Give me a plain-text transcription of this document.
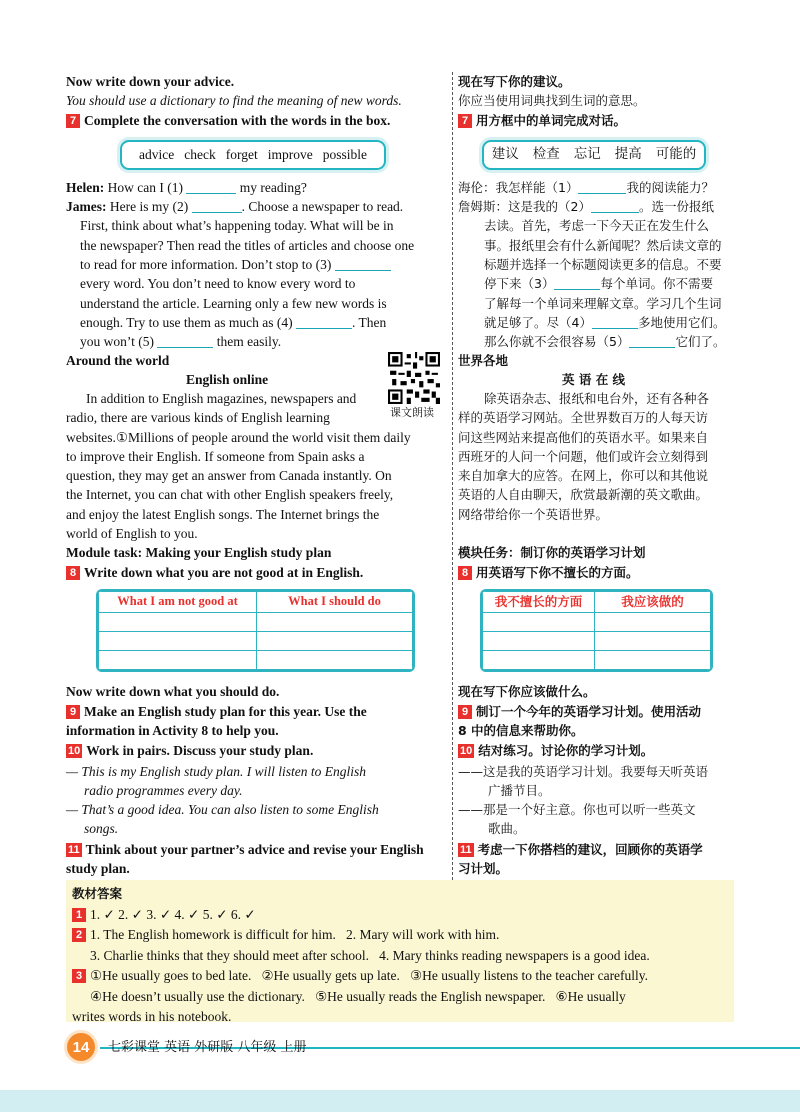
Now write down your advice.
You should use a dictionary to find the meaning of new words.
7 Complete the conversation with the words in the box.
advice check forget improve possible
Helen: How can I (1)	my reading?
James: Here is my (2)	. Choose a newspaper to read.
First, think about what’s happening today. What will be in
the newspaper? Then read the titles of articles and choose one
to read for more information. Don’t stop to (3)
every word. You don’t need to know every word to
understand the article. Learning only a few new words is
enough. Try to use them as much as (4)	. Then
you won’t (5)	them easily.
Around the world
English online
In addition to English magazines, newspapers and
radio, there are various kinds of English learning
websites.①Millions of people around the world visit them daily
to improve their English. If someone from Spain asks a
question, they may get an answer from Canada instantly. On
the Internet, you can chat with other English speakers freely,
and enjoy the latest English songs. The Internet brings the
world of English to you.
Module task: Making your English study plan
8 Write down what you are not good at in English.
What I am not good at	What I should do

Now write down what you should do.
9 Make an English study plan for this year. Use the
information in Activity 8 to help you.
10 Work in pairs. Discuss your study plan.
— This is my English study plan. I will listen to English
radio programmes every day.
— That’s a good idea. You can also listen to some English
songs.
11 Think about your partner’s advice and revise your English
study plan.
课文朗读
现在写下你的建议。
你应当使用词典找到生词的意思。
7 用方框中的单词完成对话。
建议 检查 忘记 提高 可能的
海伦：我怎样能（1）	我的阅读能力？
詹姆斯：这是我的（2）	。选一份报纸
去读。首先，考虑一下今天正在发生什么
事。报纸里会有什么新闻呢？然后读文章的
标题并选择一个标题阅读更多的信息。不要
停下来（3）	每个单词。你不需要
了解每一个单词来理解文章。学习几个生词
就足够了。尽（4）	多地使用它们。
那么你就不会很容易（5）	它们了。
世界各地
英 语 在 线
除英语杂志、报纸和电台外，还有各种各
样的英语学习网站。全世界数百万的人每天访
问这些网站来提高他们的英语水平。如果来自
西班牙的人问一个问题，他们或许会立刻得到
来自加拿大的应答。在网上，你可以和其他说
英语的人自由聊天，欣赏最新潮的英文歌曲。
网络带给你一个英语世界。
模块任务：制订你的英语学习计划
8 用英语写下你不擅长的方面。
我不擅长的方面	我应该做的

现在写下你应该做什么。
9 制订一个今年的英语学习计划。使用活动
8 中的信息来帮助你。
10 结对练习。讨论你的学习计划。
——这是我的英语学习计划。我要每天听英语
广播节目。
——那是一个好主意。你也可以听一些英文
歌曲。
11 考虑一下你搭档的建议，回顾你的英语学
习计划。
教材答案
1 1. ✓ 2. ✓ 3. ✓ 4. ✓ 5. ✓ 6. ✓
2 1. The English homework is difficult for him. 2. Mary will work with him.
3. Charlie thinks that they should meet after school. 4. Mary thinks reading newspapers is a good idea.
3 ①He usually goes to bed late. ②He usually gets up late. ③He usually listens to the teacher carefully.
④He doesn’t usually use the dictionary. ⑤He usually reads the English newspaper. ⑥He usually
writes words in his notebook.
14	七彩课堂 英语 外研版 八年级 上册
